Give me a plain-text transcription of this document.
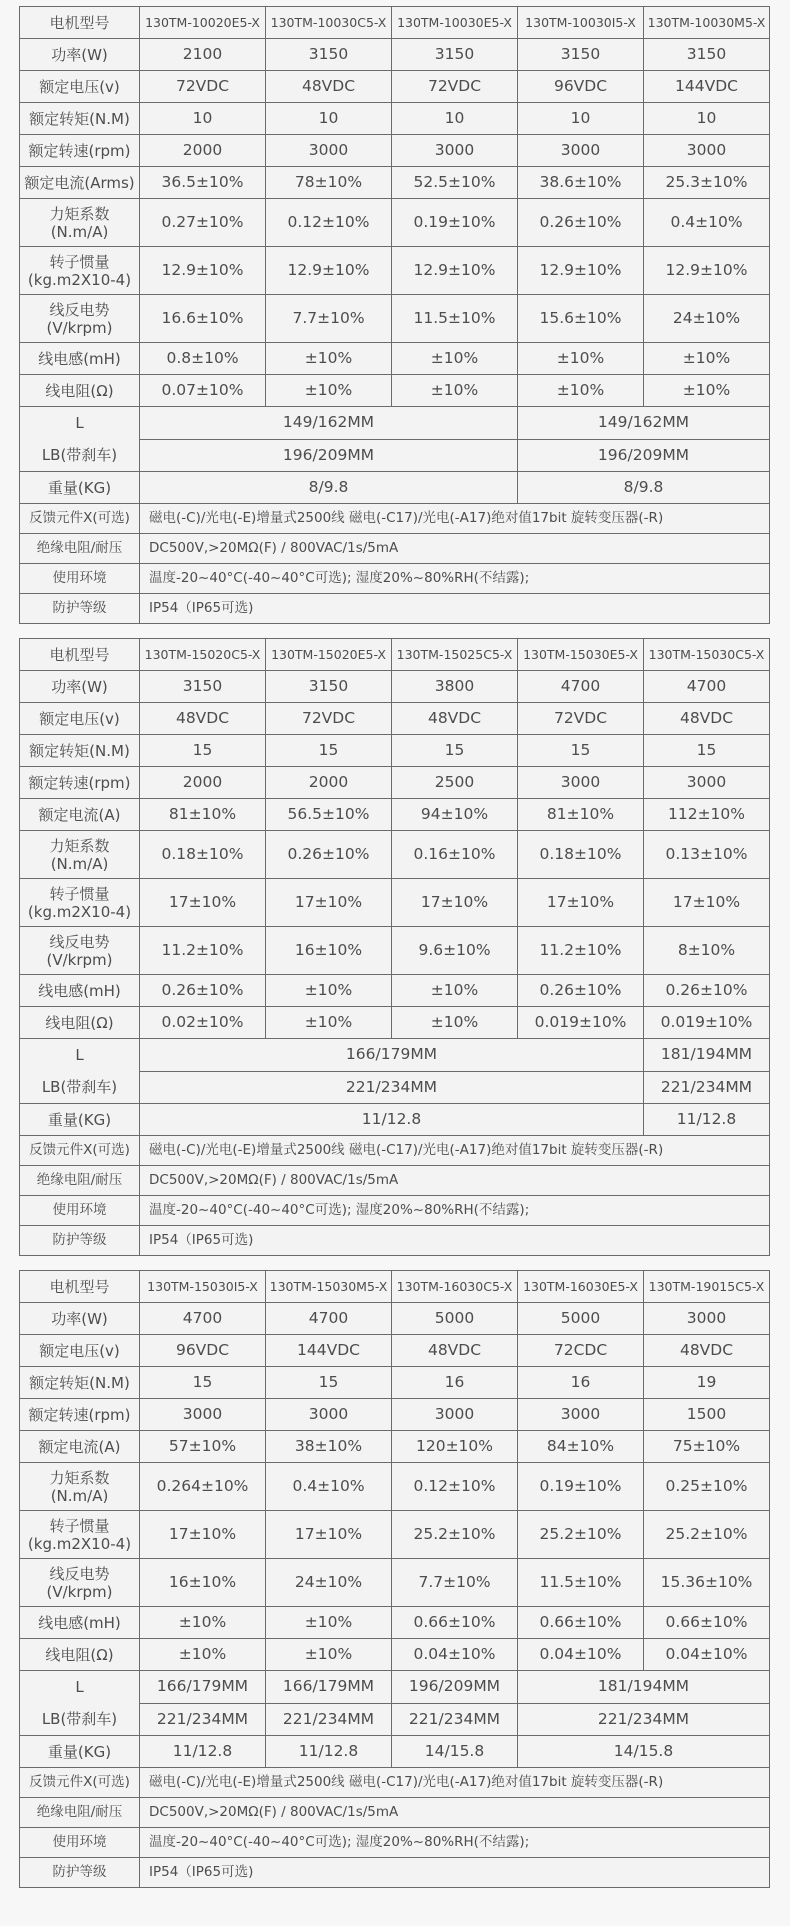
电机型号	130TM-10020E5-X	130TM-10030C5-X	130TM-10030E5-X	130TM-10030I5-X	130TM-10030M5-X
功率(W)	2100	3150	3150	3150	3150
额定电压(v)	72VDC	48VDC	72VDC	96VDC	144VDC
额定转矩(N.M)	10	10	10	10	10
额定转速(rpm)	2000	3000	3000	3000	3000
额定电流(Arms)	36.5±10%	78±10%	52.5±10%	38.6±10%	25.3±10%

力矩系数
(N.m/A)	0.27±10%	0.12±10%	0.19±10%	0.26±10%	0.4±10%

转子惯量
(kg.m2X10-4)	12.9±10%	12.9±10%	12.9±10%	12.9±10%	12.9±10%

线反电势
(V/krpm)	16.6±10%	7.7±10%	11.5±10%	15.6±10%	24±10%
线电感(mH)	0.8±10%	±10%	±10%	±10%	±10%
线电阻(Ω)	0.07±10%	±10%	±10%	±10%	±10%

L
LB(带刹车)	149/162MM			149/162MM	
	196/209MM			196/209MM	
重量(KG)	8/9.8			8/9.8	
反馈元件X(可选)	磁电(-C)/光电(-E)增量式2500线 磁电(-C17)/光电(-A17)绝对值17bit 旋转变压器(-R)				
绝缘电阻/耐压	DC500V,>20MΩ(F) / 800VAC/1s/5mA				
使用环境	温度-20~40°C(-40~40°C可选); 湿度20%~80%RH(不结露);				
防护等级	IP54（IP65可选)				
电机型号	130TM-15020C5-X	130TM-15020E5-X	130TM-15025C5-X	130TM-15030E5-X	130TM-15030C5-X
功率(W)	3150	3150	3800	4700	4700
额定电压(v)	48VDC	72VDC	48VDC	72VDC	48VDC
额定转矩(N.M)	15	15	15	15	15
额定转速(rpm)	2000	2000	2500	3000	3000
额定电流(A)	81±10%	56.5±10%	94±10%	81±10%	112±10%

力矩系数
(N.m/A)	0.18±10%	0.26±10%	0.16±10%	0.18±10%	0.13±10%

转子惯量
(kg.m2X10-4)	17±10%	17±10%	17±10%	17±10%	17±10%

线反电势
(V/krpm)	11.2±10%	16±10%	9.6±10%	11.2±10%	8±10%
线电感(mH)	0.26±10%	±10%	±10%	0.26±10%	0.26±10%
线电阻(Ω)	0.02±10%	±10%	±10%	0.019±10%	0.019±10%

L
LB(带刹车)	166/179MM				181/194MM
	221/234MM				221/234MM
重量(KG)	11/12.8				11/12.8
反馈元件X(可选)	磁电(-C)/光电(-E)增量式2500线 磁电(-C17)/光电(-A17)绝对值17bit 旋转变压器(-R)				
绝缘电阻/耐压	DC500V,>20MΩ(F) / 800VAC/1s/5mA				
使用环境	温度-20~40°C(-40~40°C可选); 湿度20%~80%RH(不结露);				
防护等级	IP54（IP65可选)				
电机型号	130TM-15030I5-X	130TM-15030M5-X	130TM-16030C5-X	130TM-16030E5-X	130TM-19015C5-X
功率(W)	4700	4700	5000	5000	3000
额定电压(v)	96VDC	144VDC	48VDC	72CDC	48VDC
额定转矩(N.M)	15	15	16	16	19
额定转速(rpm)	3000	3000	3000	3000	1500
额定电流(A)	57±10%	38±10%	120±10%	84±10%	75±10%

力矩系数
(N.m/A)	0.264±10%	0.4±10%	0.12±10%	0.19±10%	0.25±10%

转子惯量
(kg.m2X10-4)	17±10%	17±10%	25.2±10%	25.2±10%	25.2±10%

线反电势
(V/krpm)	16±10%	24±10%	7.7±10%	11.5±10%	15.36±10%
线电感(mH)	±10%	±10%	0.66±10%	0.66±10%	0.66±10%
线电阻(Ω)	±10%	±10%	0.04±10%	0.04±10%	0.04±10%

L
LB(带刹车)	166/179MM	166/179MM	196/209MM	181/194MM	
	221/234MM	221/234MM	221/234MM	221/234MM	
重量(KG)	11/12.8	11/12.8	14/15.8	14/15.8	
反馈元件X(可选)	磁电(-C)/光电(-E)增量式2500线 磁电(-C17)/光电(-A17)绝对值17bit 旋转变压器(-R)				
绝缘电阻/耐压	DC500V,>20MΩ(F) / 800VAC/1s/5mA				
使用环境	温度-20~40°C(-40~40°C可选); 湿度20%~80%RH(不结露);				
防护等级	IP54（IP65可选)				
